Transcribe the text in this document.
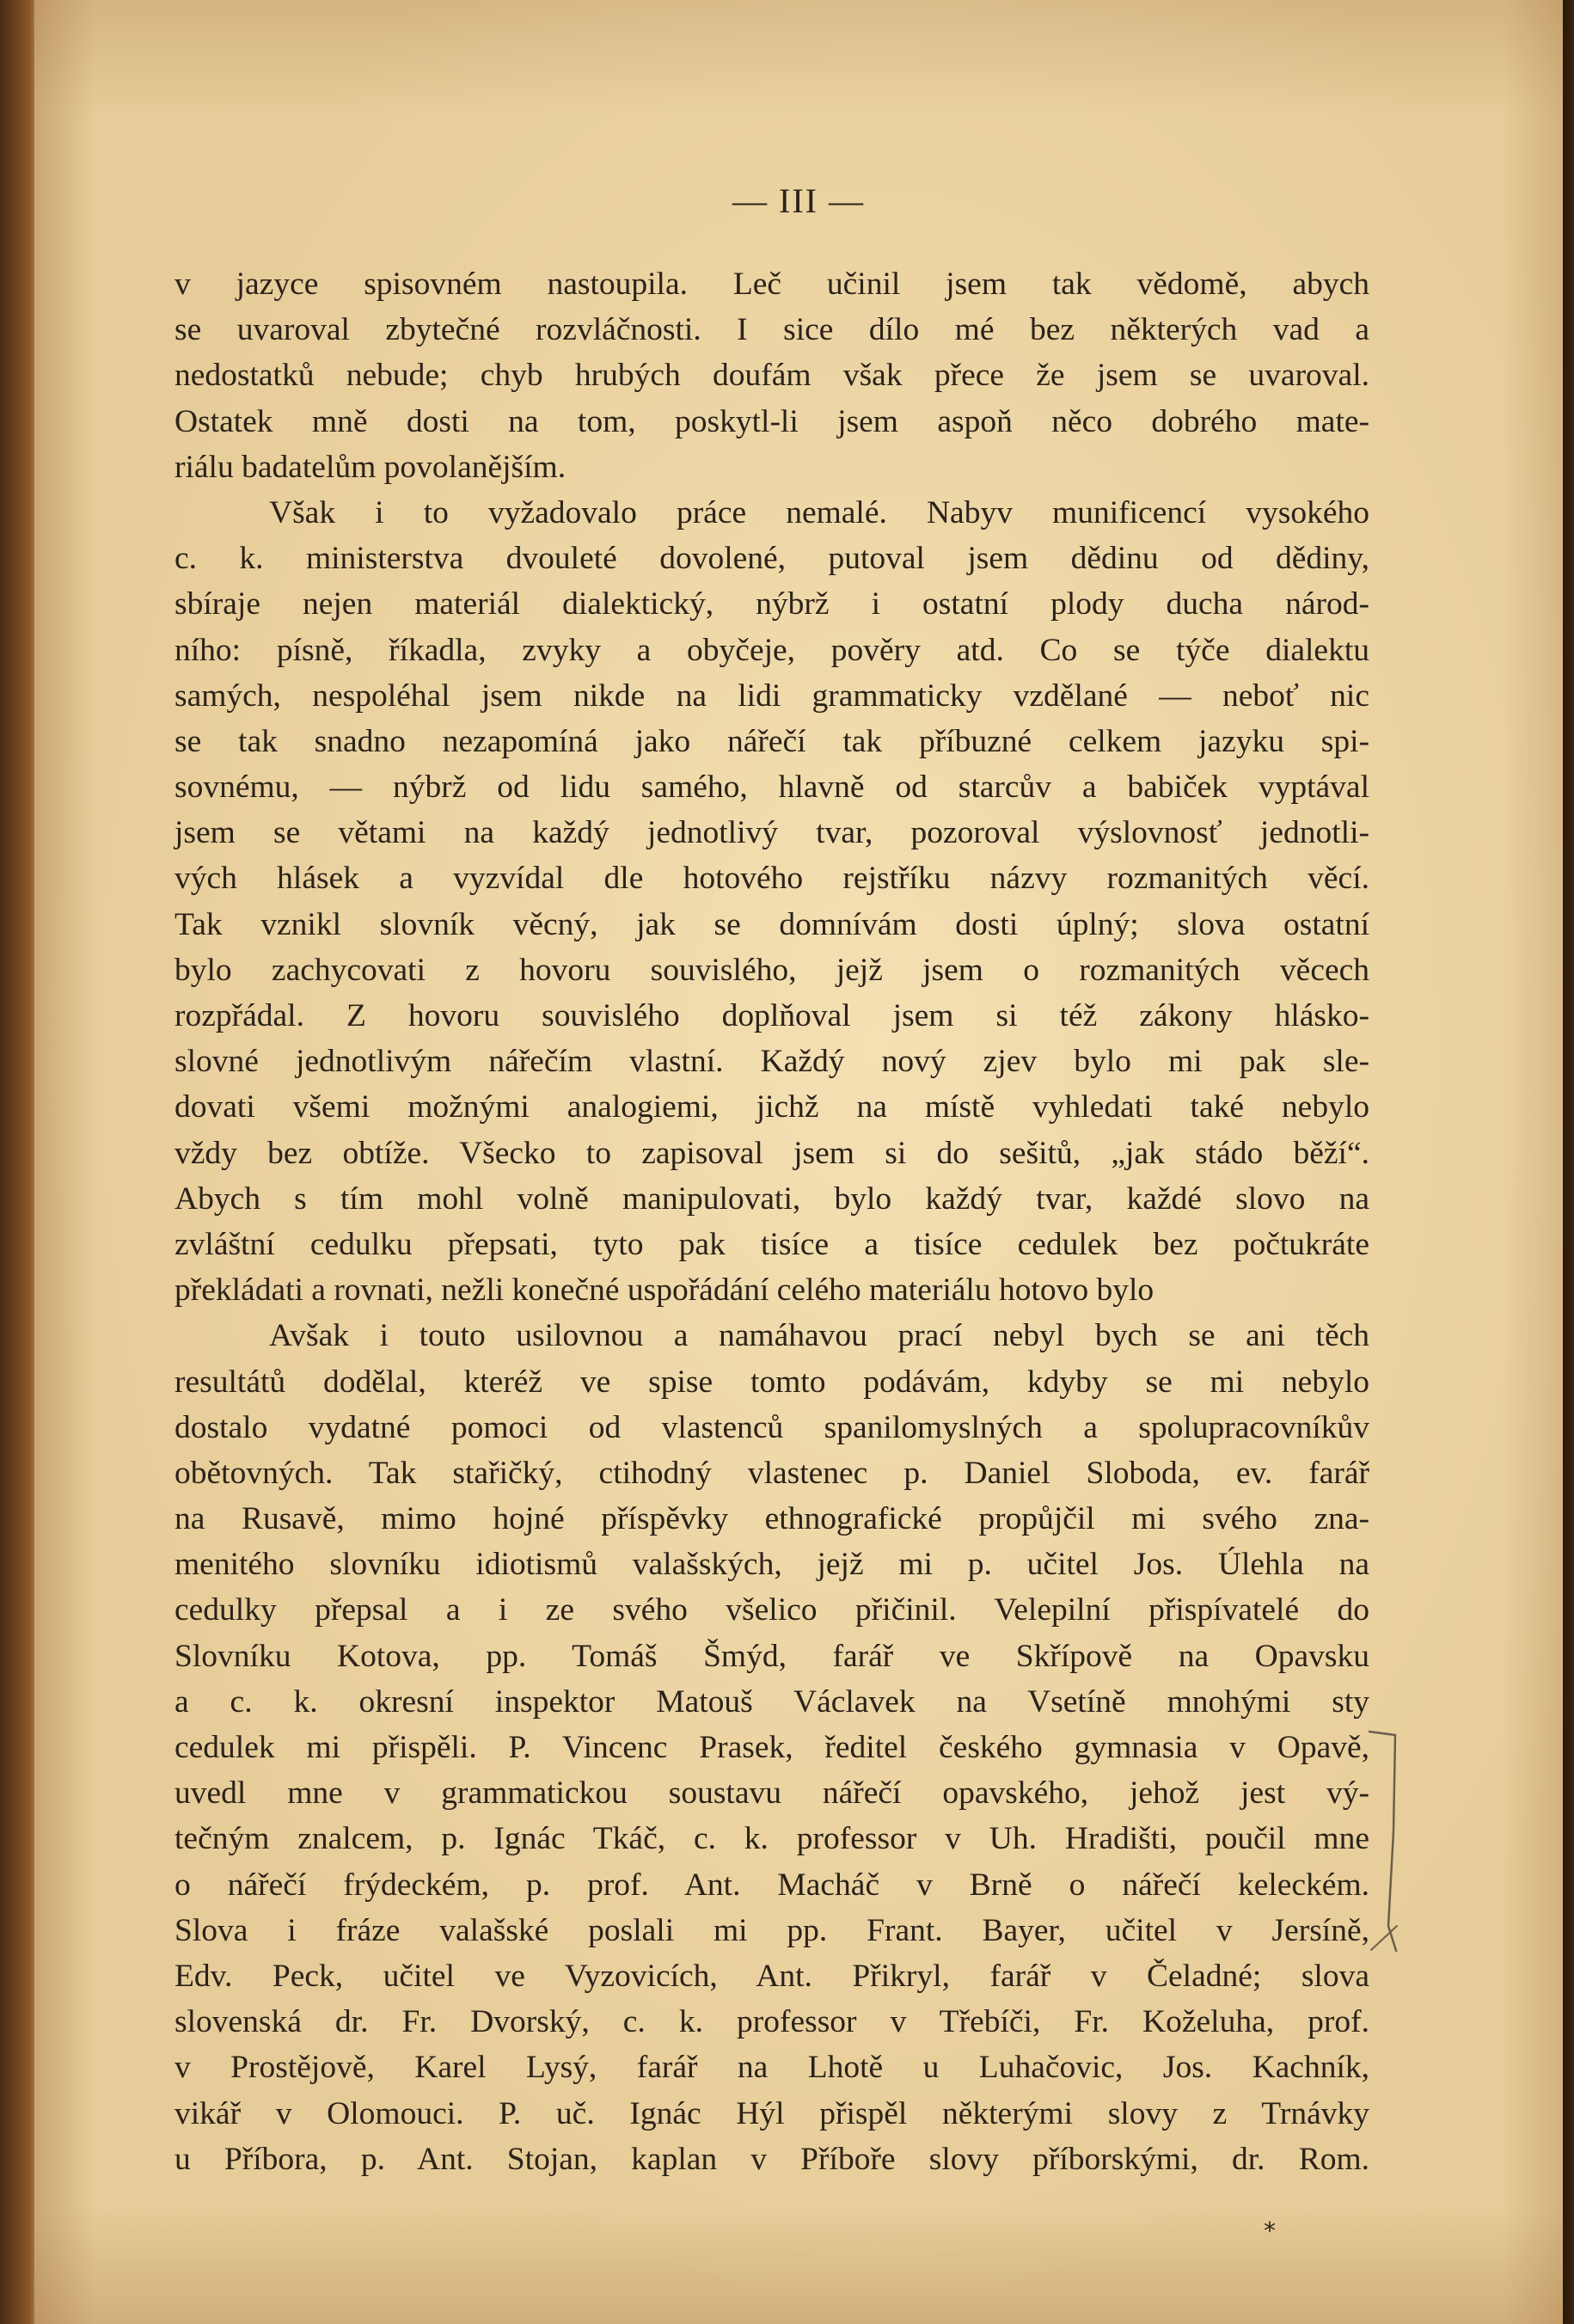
— III —
v jazyce spisovném nastoupila. Leč učinil jsem tak vědomě, abych
se uvaroval zbytečné rozvláčnosti. I sice dílo mé bez některých vad a
nedostatků nebude; chyb hrubých doufám však přece že jsem se uvaroval.
Ostatek mně dosti na tom, poskytl-li jsem aspoň něco dobrého mate-
riálu badatelům povolanějším.
Však i to vyžadovalo práce nemalé. Nabyv munificencí vysokého
c. k. ministerstva dvouleté dovolené, putoval jsem dědinu od dědiny,
sbíraje nejen materiál dialektický, nýbrž i ostatní plody ducha národ-
ního: písně, říkadla, zvyky a obyčeje, pověry atd. Co se týče dialektu
samých, nespoléhal jsem nikde na lidi grammaticky vzdělané — neboť nic
se tak snadno nezapomíná jako nářečí tak příbuzné celkem jazyku spi-
sovnému, — nýbrž od lidu samého, hlavně od starcův a babiček vyptával
jsem se větami na každý jednotlivý tvar, pozoroval výslovnosť jednotli-
vých hlásek a vyzvídal dle hotového rejstříku názvy rozmanitých věcí.
Tak vznikl slovník věcný, jak se domnívám dosti úplný; slova ostatní
bylo zachycovati z hovoru souvislého, jejž jsem o rozmanitých věcech
rozpřádal. Z hovoru souvislého doplňoval jsem si též zákony hlásko-
slovné jednotlivým nářečím vlastní. Každý nový zjev bylo mi pak sle-
dovati všemi možnými analogiemi, jichž na místě vyhledati také nebylo
vždy bez obtíže. Všecko to zapisoval jsem si do sešitů, „jak stádo běží“.
Abych s tím mohl volně manipulovati, bylo každý tvar, každé slovo na
zvláštní cedulku přepsati, tyto pak tisíce a tisíce cedulek bez počtukráte
překládati a rovnati, nežli konečné uspořádání celého materiálu hotovo bylo
Avšak i touto usilovnou a namáhavou prací nebyl bych se ani těch
resultátů dodělal, kteréž ve spise tomto podávám, kdyby se mi nebylo
dostalo vydatné pomoci od vlastenců spanilomyslných a spolupracovníkův
obětovných. Tak stařičký, ctihodný vlastenec p. Daniel Sloboda, ev. farář
na Rusavě, mimo hojné příspěvky ethnografické propůjčil mi svého zna-
menitého slovníku idiotismů valašských, jejž mi p. učitel Jos. Úlehla na
cedulky přepsal a i ze svého všelico přičinil. Velepilní přispívatelé do
Slovníku Kotova, pp. Tomáš Šmýd, farář ve Skřípově na Opavsku
a c. k. okresní inspektor Matouš Václavek na Vsetíně mnohými sty
cedulek mi přispěli. P. Vincenc Prasek, ředitel českého gymnasia v Opavě,
uvedl mne v grammatickou soustavu nářečí opavského, jehož jest vý-
tečným znalcem, p. Ignác Tkáč, c. k. professor v Uh. Hradišti, poučil mne
o nářečí frýdeckém, p. prof. Ant. Macháč v Brně o nářečí keleckém.
Slova i fráze valašské poslali mi pp. Frant. Bayer, učitel v Jersíně,
Edv. Peck, učitel ve Vyzovicích, Ant. Přikryl, farář v Čeladné; slova
slovenská dr. Fr. Dvorský, c. k. professor v Třebíči, Fr. Koželuha, prof.
v Prostějově, Karel Lysý, farář na Lhotě u Luhačovic, Jos. Kachník,
vikář v Olomouci. P. uč. Ignác Hýl přispěl některými slovy z Trnávky
u Příbora, p. Ant. Stojan, kaplan v Příboře slovy příborskými, dr. Rom.
*
